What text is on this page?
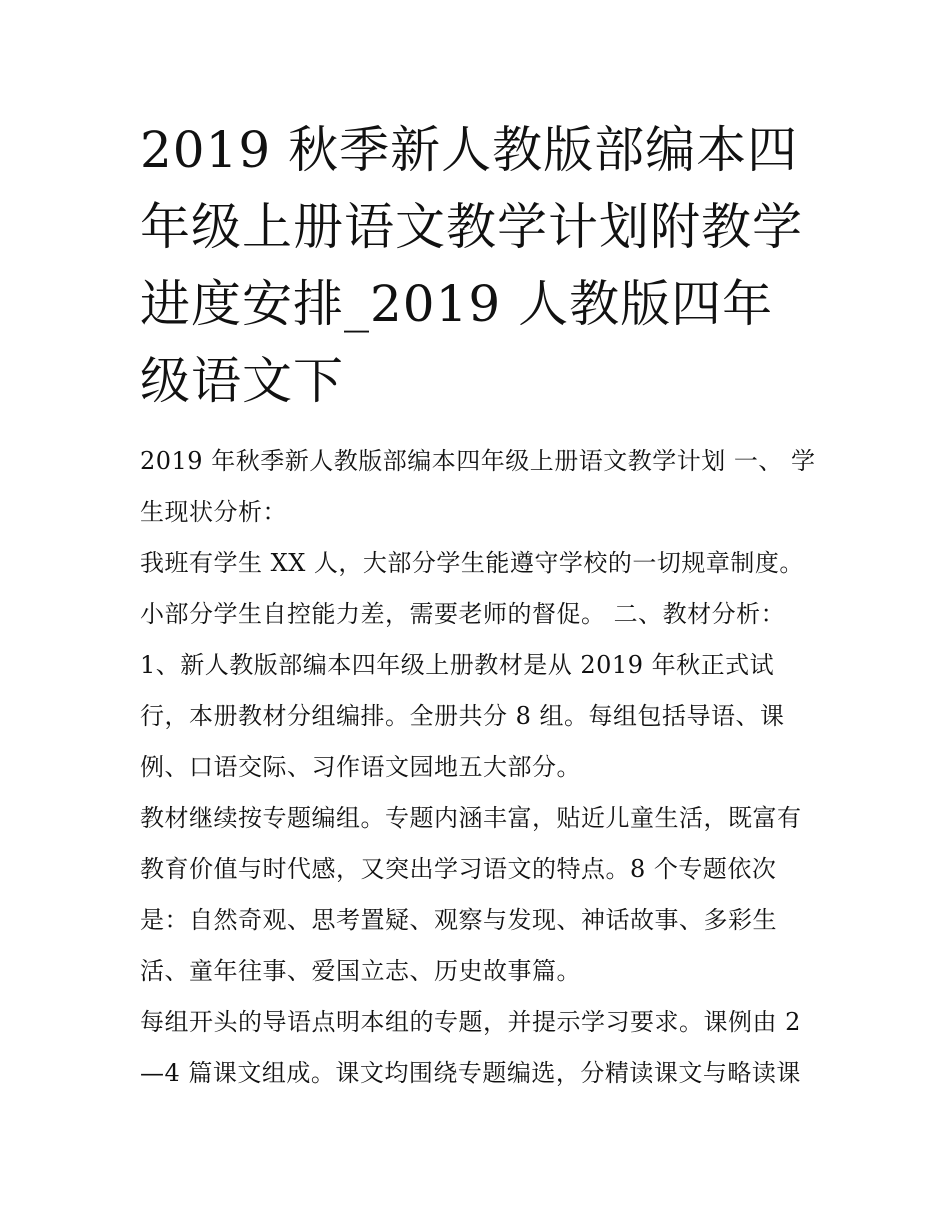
2019 秋季新人教版部编本四年级上册语文教学计划附教学进度安排_2019 人教版四年级语文下

2019 年秋季新人教版部编本四年级上册语文教学计划 一、 学生现状分析：

我班有学生 XX 人，大部分学生能遵守学校的一切规章制度。小部分学生自控能力差，需要老师的督促。 二、教材分析：

1、新人教版部编本四年级上册教材是从 2019 年秋正式试行，本册教材分组编排。全册共分 8 组。每组包括导语、课例、口语交际、习作语文园地五大部分。

教材继续按专题编组。专题内涵丰富，贴近儿童生活，既富有教育价值与时代感，又突出学习语文的特点。8 个专题依次是：自然奇观、思考置疑、观察与发现、神话故事、多彩生活、童年往事、爱国立志、历史故事篇。

每组开头的导语点明本组的专题，并提示学习要求。课例由 2—4 篇课文组成。课文均围绕专题编选，分精读课文与略读课
